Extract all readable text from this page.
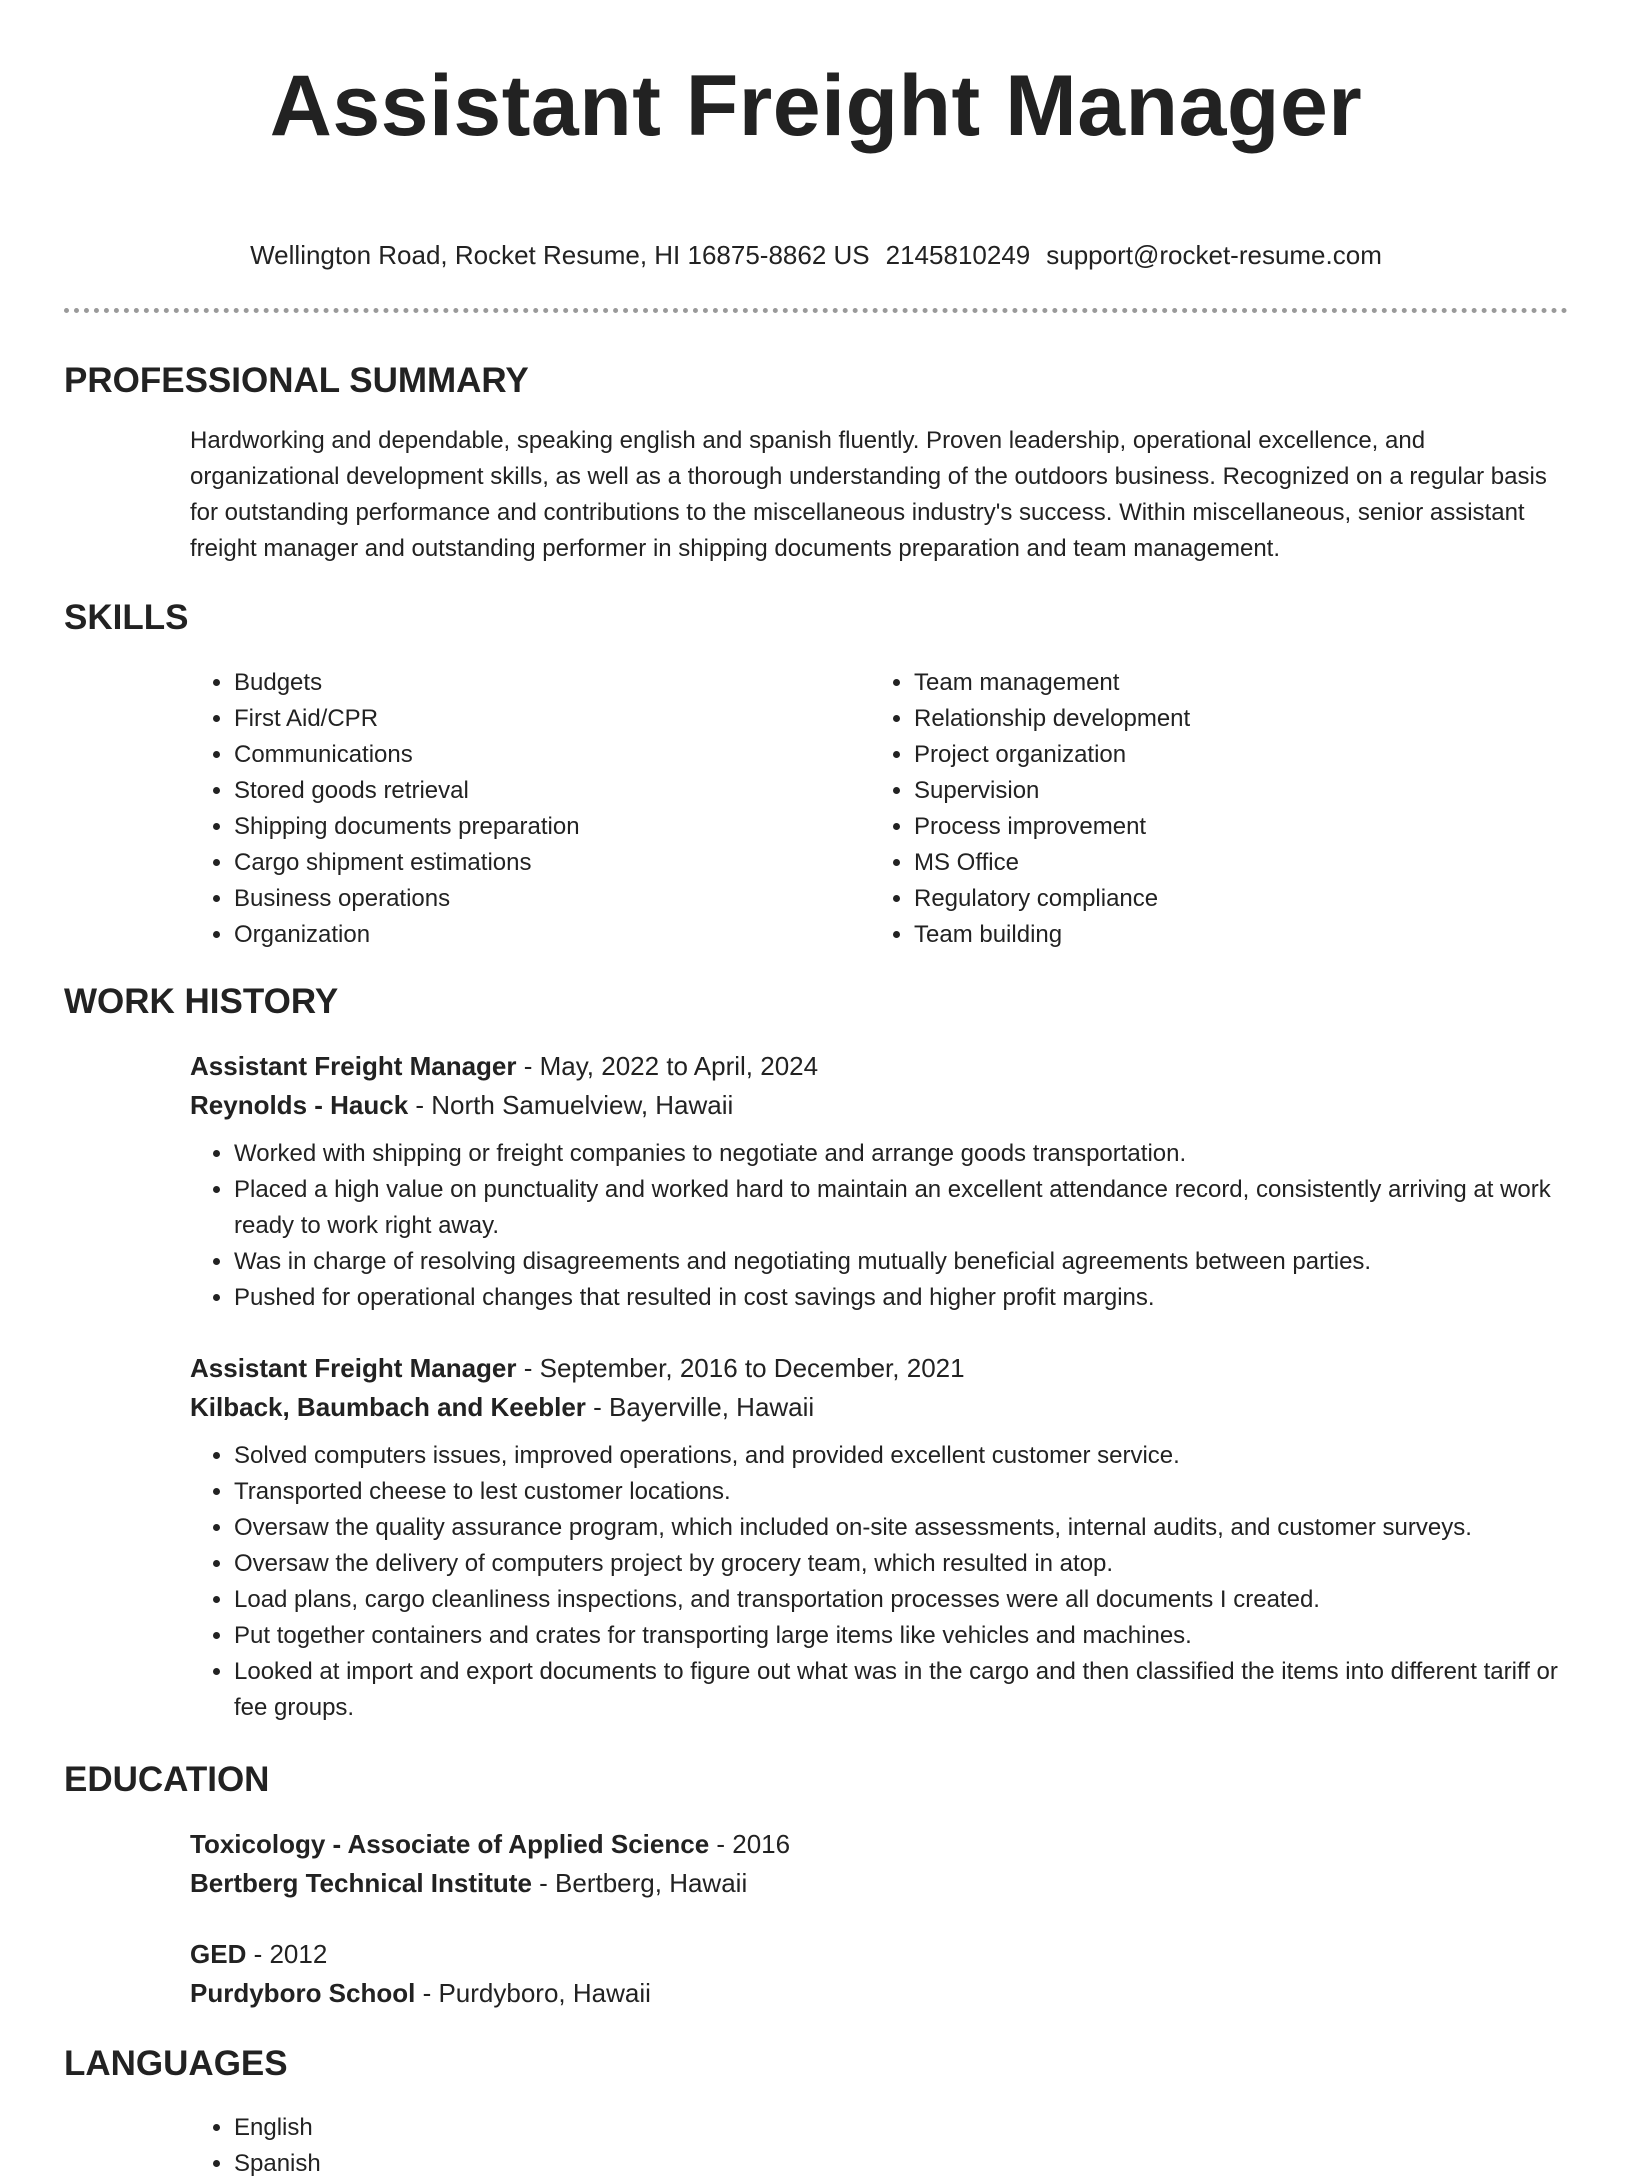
Assistant Freight Manager
Wellington Road, Rocket Resume, HI 16875-8862 US 2145810249 support@rocket-resume.com
PROFESSIONAL SUMMARY

Hardworking and dependable, speaking english and spanish fluently. Proven leadership, operational excellence, and organizational development skills, as well as a thorough understanding of the outdoors business. Recognized on a regular basis for outstanding performance and contributions to the miscellaneous industry's success. Within miscellaneous, senior assistant freight manager and outstanding performer in shipping documents preparation and team management.

SKILLS
• Budgets
• First Aid/CPR
• Communications
• Stored goods retrieval
• Shipping documents preparation
• Cargo shipment estimations
• Business operations
• Organization
• Team management
• Relationship development
• Project organization
• Supervision
• Process improvement
• MS Office
• Regulatory compliance
• Team building
WORK HISTORY
Assistant Freight Manager - May, 2022 to April, 2024
Reynolds - Hauck - North Samuelview, Hawaii
• Worked with shipping or freight companies to negotiate and arrange goods transportation.
• Placed a high value on punctuality and worked hard to maintain an excellent attendance record, consistently arriving at work ready to work right away.
• Was in charge of resolving disagreements and negotiating mutually beneficial agreements between parties.
• Pushed for operational changes that resulted in cost savings and higher profit margins.
Assistant Freight Manager - September, 2016 to December, 2021
Kilback, Baumbach and Keebler - Bayerville, Hawaii
• Solved computers issues, improved operations, and provided excellent customer service.
• Transported cheese to lest customer locations.
• Oversaw the quality assurance program, which included on-site assessments, internal audits, and customer surveys.
• Oversaw the delivery of computers project by grocery team, which resulted in atop.
• Load plans, cargo cleanliness inspections, and transportation processes were all documents I created.
• Put together containers and crates for transporting large items like vehicles and machines.
• Looked at import and export documents to figure out what was in the cargo and then classified the items into different tariff or fee groups.
EDUCATION
Toxicology - Associate of Applied Science - 2016
Bertberg Technical Institute - Bertberg, Hawaii
GED - 2012
Purdyboro School - Purdyboro, Hawaii
LANGUAGES
• English
• Spanish
